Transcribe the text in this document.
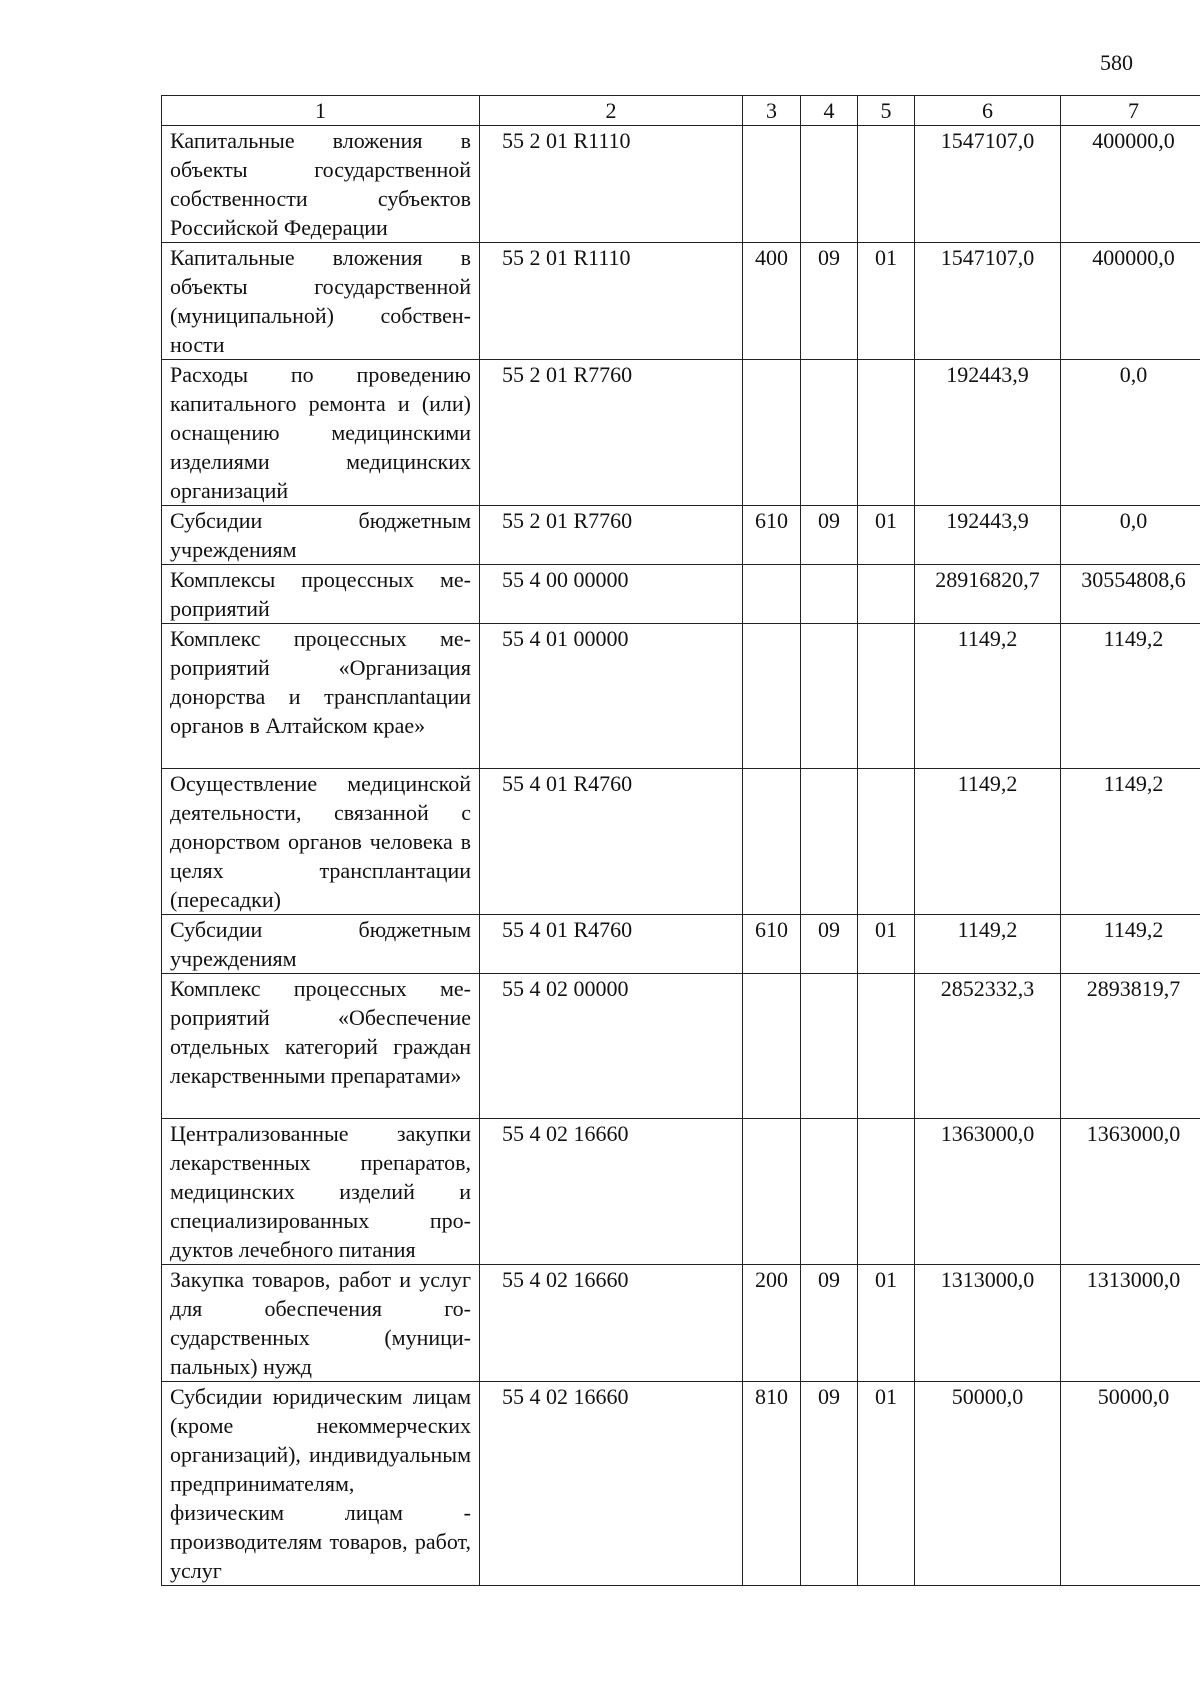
580
1	2	3	4	5	6	7
Капитальные вложения в объекты государственной собственности субъектов Российской Федерации	55 2 01 R1110				1547107,0	400000,0
Капитальные вложения в объекты государственной (муниципальной) собственности	55 2 01 R1110	400	09	01	1547107,0	400000,0
Расходы по проведению капитального ремонта и (или) оснащению медицинскими изделиями медицинских организаций	55 2 01 R7760				192443,9	0,0
Субсидии бюджетным учреждениям	55 2 01 R7760	610	09	01	192443,9	0,0
Комплексы процессных мероприятий	55 4 00 00000				28916820,7	30554808,6
Комплекс процессных мероприятий «Организация донорства и трансплantaции органов в Алтайском крае»	55 4 01 00000				1149,2	1149,2
Осуществление медицинской деятельности, связанной с донорством органов человека в целях трансплантации (пересадки)	55 4 01 R4760				1149,2	1149,2
Субсидии бюджетным учреждениям	55 4 01 R4760	610	09	01	1149,2	1149,2
Комплекс процессных мероприятий «Обеспечение отдельных категорий граждан лекарственными препаратами»	55 4 02 00000				2852332,3	2893819,7
Централизованные закупки лекарственных препаратов, медицинских изделий и специализированных продуктов лечебного питания	55 4 02 16660				1363000,0	1363000,0
Закупка товаров, работ и услуг для обеспечения государственных (муниципальных) нужд	55 4 02 16660	200	09	01	1313000,0	1313000,0
Субсидии юридическим лицам (кроме некоммерческих организаций), индивидуальным предпринимателям, физическим лицам - производителям товаров, работ, услуг	55 4 02 16660	810	09	01	50000,0	50000,0
